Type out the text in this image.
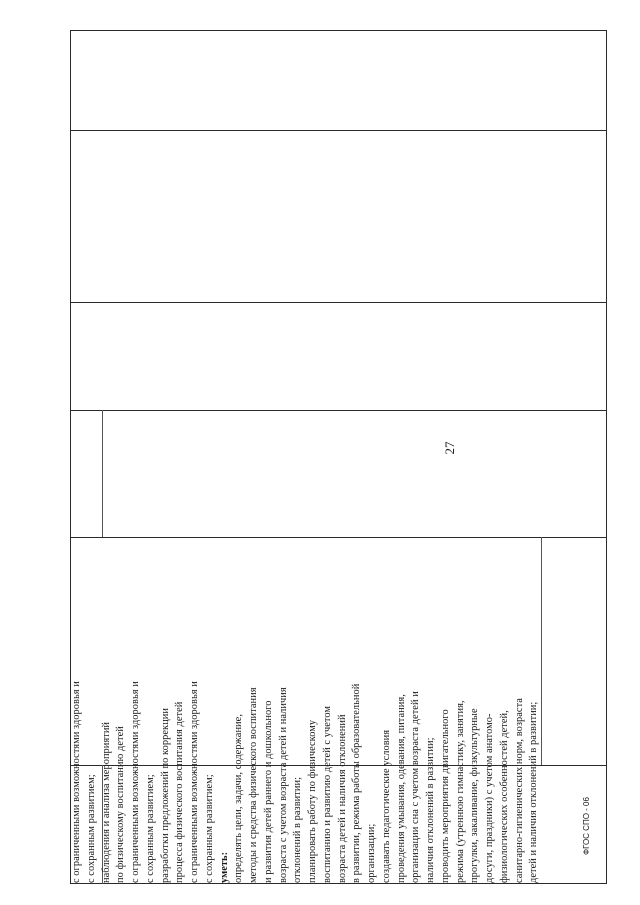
с ограниченными возможностями здоровья и с сохранным развитием; наблюдения и анализа мероприятий по физическому воспитанию детей с ограниченными возможностями здоровья и с сохранным развитием; разработки предложений по коррекции процесса физического воспитания детей с ограниченными возможностями здоровья и с сохранным развитием; уметь: определять цели, задачи, содержание, методы и средства физического воспитания и развития детей раннего и дошкольного возраста с учетом возраста детей и наличия отклонений в развитии; планировать работу по физическому воспитанию и развитию детей с учетом возраста детей и наличия отклонений в развитии, режима работы образовательной организации; создавать педагогические условия проведения умывания, одевания, питания, организации сна с учетом возраста детей и наличия отклонений в развитии; проводить мероприятия двигательного режима (утреннюю гимнастику, занятия, прогулки, закаливание, физкультурные досуги, праздники) с учетом анатомо- физиологических особенностей детей, санитарно-гигиенических норм, возраста детей и наличия отклонений в развитии;
27
ФГОС СПО - 06
